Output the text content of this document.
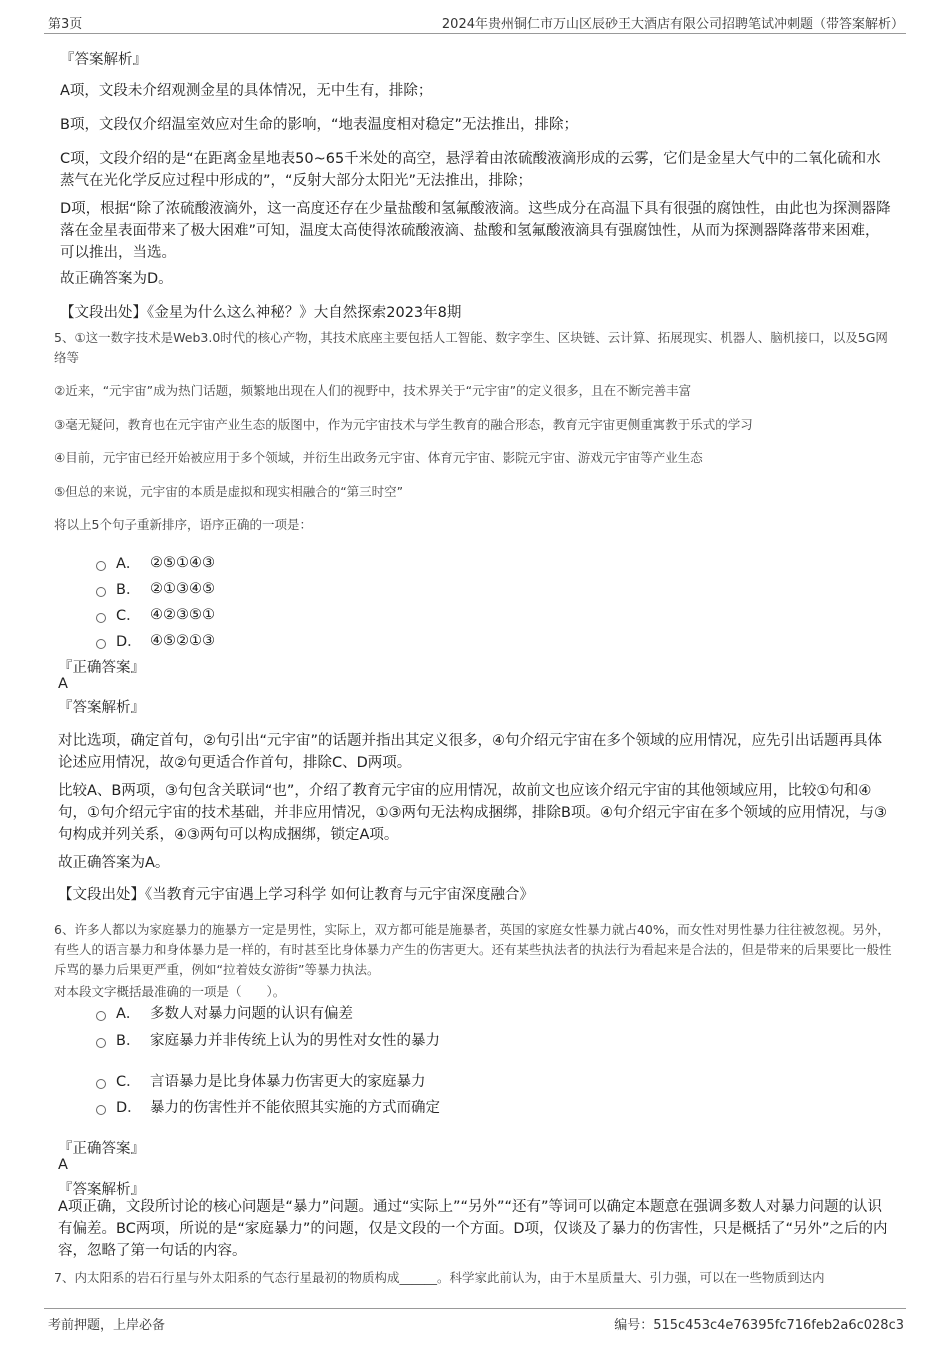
第3页	2024年贵州铜仁市万山区辰砂王大酒店有限公司招聘笔试冲刺题（带答案解析）
『答案解析』
A项，文段未介绍观测金星的具体情况，无中生有，排除；
B项，文段仅介绍温室效应对生命的影响，“地表温度相对稳定”无法推出，排除；
C项，文段介绍的是“在距离金星地表50~65千米处的高空，悬浮着由浓硫酸液滴形成的云雾，它们是金星大气中的二氧化硫和水蒸气在光化学反应过程中形成的”，“反射大部分太阳光”无法推出，排除；
D项，根据“除了浓硫酸液滴外，这一高度还存在少量盐酸和氢氟酸液滴。这些成分在高温下具有很强的腐蚀性，由此也为探测器降落在金星表面带来了极大困难”可知，温度太高使得浓硫酸液滴、盐酸和氢氟酸液滴具有强腐蚀性，从而为探测器降落带来困难，可以推出，当选。
故正确答案为D。
【文段出处】《金星为什么这么神秘？》大自然探索2023年8期
5、①这一数字技术是Web3.0时代的核心产物，其技术底座主要包括人工智能、数字孪生、区块链、云计算、拓展现实、机器人、脑机接口，以及5G网络等
②近来，“元宇宙”成为热门话题，频繁地出现在人们的视野中，技术界关于“元宇宙”的定义很多，且在不断完善丰富
③毫无疑问，教育也在元宇宙产业生态的版图中，作为元宇宙技术与学生教育的融合形态，教育元宇宙更侧重寓教于乐式的学习
④目前，元宇宙已经开始被应用于多个领域，并衍生出政务元宇宙、体育元宇宙、影院元宇宙、游戏元宇宙等产业生态
⑤但总的来说，元宇宙的本质是虚拟和现实相融合的“第三时空”
将以上5个句子重新排序，语序正确的一项是：
A． ②⑤①④③
B． ②①③④⑤
C． ④②③⑤①
D． ④⑤②①③
『正确答案』
A
『答案解析』
对比选项，确定首句，②句引出“元宇宙”的话题并指出其定义很多，④句介绍元宇宙在多个领域的应用情况，应先引出话题再具体论述应用情况，故②句更适合作首句，排除C、D两项。
比较A、B两项，③句包含关联词“也”，介绍了教育元宇宙的应用情况，故前文也应该介绍元宇宙的其他领域应用，比较①句和④句，①句介绍元宇宙的技术基础，并非应用情况，①③两句无法构成捆绑，排除B项。④句介绍元宇宙在多个领域的应用情况，与③句构成并列关系，④③两句可以构成捆绑，锁定A项。
故正确答案为A。
【文段出处】《当教育元宇宙遇上学习科学 如何让教育与元宇宙深度融合》
6、许多人都以为家庭暴力的施暴方一定是男性，实际上，双方都可能是施暴者，英国的家庭女性暴力就占40%，而女性对男性暴力往往被忽视。另外，有些人的语言暴力和身体暴力是一样的，有时甚至比身体暴力产生的伤害更大。还有某些执法者的执法行为看起来是合法的，但是带来的后果要比一般性斥骂的暴力后果更严重，例如“拉着妓女游街”等暴力执法。
对本段文字概括最准确的一项是（　　）。
A． 多数人对暴力问题的认识有偏差
B． 家庭暴力并非传统上认为的男性对女性的暴力
C． 言语暴力是比身体暴力伤害更大的家庭暴力
D． 暴力的伤害性并不能依照其实施的方式而确定
『正确答案』
A
『答案解析』
A项正确，文段所讨论的核心问题是“暴力”问题。通过“实际上”“另外”“还有”等词可以确定本题意在强调多数人对暴力问题的认识有偏差。BC两项，所说的是“家庭暴力”的问题，仅是文段的一个方面。D项，仅谈及了暴力的伤害性，只是概括了“另外”之后的内容，忽略了第一句话的内容。
7、内太阳系的岩石行星与外太阳系的气态行星最初的物质构成______。科学家此前认为，由于木星质量大、引力强，可以在一些物质到达内
考前押题，上岸必备	编号：515c453c4e76395fc716feb2a6c028c3
